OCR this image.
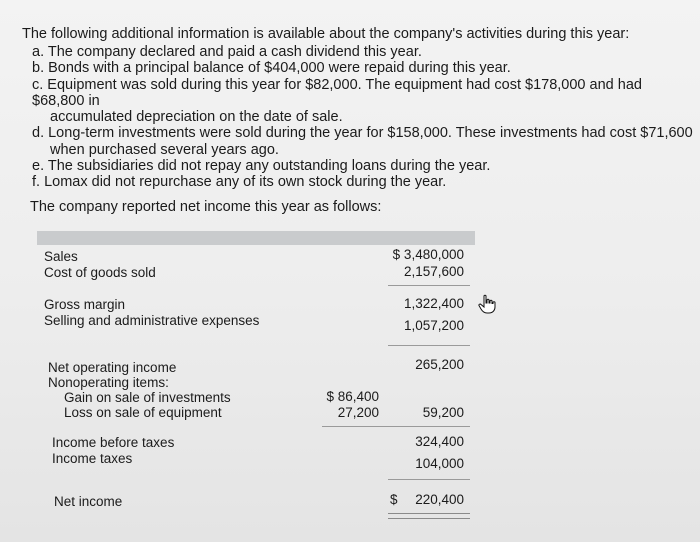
The following additional information is available about the company's activities during this year:

a. The company declared and paid a cash dividend this year.

b. Bonds with a principal balance of $404,000 were repaid during this year.

c. Equipment was sold during this year for $82,000. The equipment had cost $178,000 and had $68,800 in

accumulated depreciation on the date of sale.

d. Long-term investments were sold during the year for $158,000. These investments had cost $71,600

when purchased several years ago.

e. The subsidiaries did not repay any outstanding loans during the year.

f. Lomax did not repurchase any of its own stock during the year.

The company reported net income this year as follows:
Sales	$ 3,480,000
Cost of goods sold	2,157,600
Gross margin	1,322,400
Selling and administrative expenses	1,057,200
Net operating income	265,200
Nonoperating items:
Gain on sale of investments	$ 86,400
Loss on sale of equipment	27,200	59,200
Income before taxes	324,400
Income taxes	104,000
Net income	$ 220,400
